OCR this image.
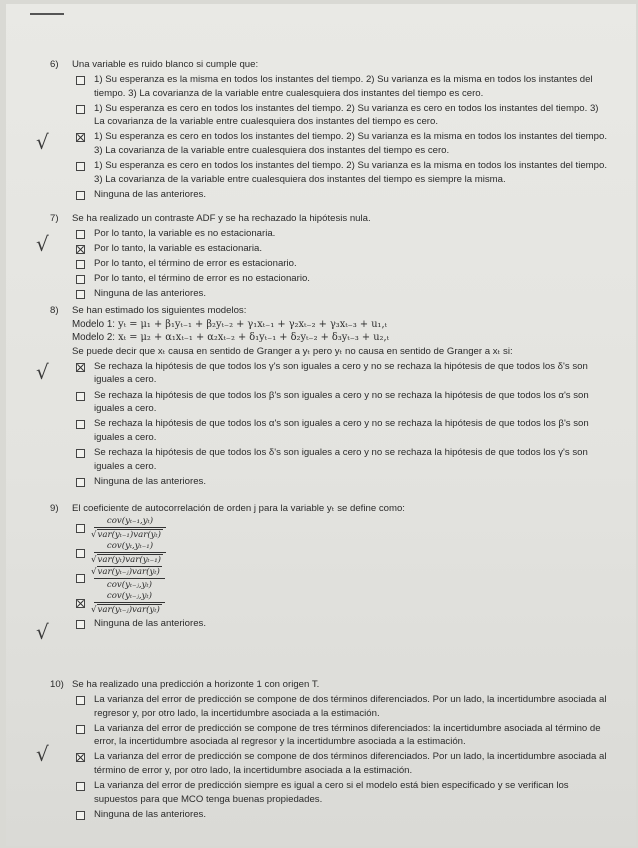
6)	Una variable es ruido blanco si cumple que:
1) Su esperanza es la misma en todos los instantes del tiempo. 2) Su varianza es la misma en todos los instantes del tiempo. 3) La covarianza de la variable entre cualesquiera dos instantes del tiempo es cero.
1) Su esperanza es cero en todos los instantes del tiempo. 2) Su varianza es cero en todos los instantes del tiempo. 3) La covarianza de la variable entre cualesquiera dos instantes del tiempo es cero.
1) Su esperanza es cero en todos los instantes del tiempo. 2) Su varianza es la misma en todos los instantes del tiempo. 3) La covarianza de la variable entre cualesquiera dos instantes del tiempo es cero.
1) Su esperanza es cero en todos los instantes del tiempo. 2) Su varianza es la misma en todos los instantes del tiempo. 3) La covarianza de la variable entre cualesquiera dos instantes del tiempo es siempre la misma.
Ninguna de las anteriores.
√
7)	Se ha realizado un contraste ADF y se ha rechazado la hipótesis nula.
Por lo tanto, la variable es no estacionaria.
Por lo tanto, la variable es estacionaria.
Por lo tanto, el término de error es estacionario.
Por lo tanto, el término de error es no estacionario.
Ninguna de las anteriores.
√
8)	Se han estimado los siguientes modelos:
Modelo 1: yₜ = μ₁ + β₁yₜ₋₁ + β₂yₜ₋₂ + γ₁xₜ₋₁ + γ₂xₜ₋₂ + γ₃xₜ₋₃ + u₁,ₜ
Modelo 2: xₜ = μ₂ + α₁xₜ₋₁ + α₂xₜ₋₂ + δ₁yₜ₋₁ + δ₂yₜ₋₂ + δ₃yₜ₋₃ + u₂,ₜ
Se puede decir que xₜ causa en sentido de Granger a yₜ pero yₜ no causa en sentido de Granger a xₜ si:
Se rechaza la hipótesis de que todos los γ's son iguales a cero y no se rechaza la hipótesis de que todos los δ's son iguales a cero.
Se rechaza la hipótesis de que todos los β's son iguales a cero y no se rechaza la hipótesis de que todos los α's son iguales a cero.
Se rechaza la hipótesis de que todos los α's son iguales a cero y no se rechaza la hipótesis de que todos los β's son iguales a cero.
Se rechaza la hipótesis de que todos los δ's son iguales a cero y no se rechaza la hipótesis de que todos los γ's son iguales a cero.
Ninguna de las anteriores.
√
9)	El coeficiente de autocorrelación de orden j para la variable yₜ se define como:
cov(yₜ₋₁,yₜ)
√ var(yₜ₋₁)var(yₜ)
cov(yₜ,yₜ₋₁)
√ var(yₜ)var(yₜ₋₁)
√ $\frac{\text{var(yₜ₋ⱼ)var(yₜ)}}{\text{cov(yₜ₋ⱼ,yₜ)}}$
cov(yₜ₋ⱼ,yₜ)
√ var(yₜ₋ⱼ)var(yₜ)
Ninguna de las anteriores.
√
10) Se ha realizado una predicción a horizonte 1 con origen T.
La varianza del error de predicción se compone de dos términos diferenciados. Por un lado, la incertidumbre asociada al regresor y, por otro lado, la incertidumbre asociada a la estimación.
La varianza del error de predicción se compone de tres términos diferenciados: la incertidumbre asociada al término de error, la incertidumbre asociada al regresor y la incertidumbre asociada a la estimación.
La varianza del error de predicción se compone de dos términos diferenciados. Por un lado, la incertidumbre asociada al término de error y, por otro lado, la incertidumbre asociada a la estimación.
La varianza del error de predicción siempre es igual a cero si el modelo está bien especificado y se verifican los supuestos para que MCO tenga buenas propiedades.
Ninguna de las anteriores.
√
